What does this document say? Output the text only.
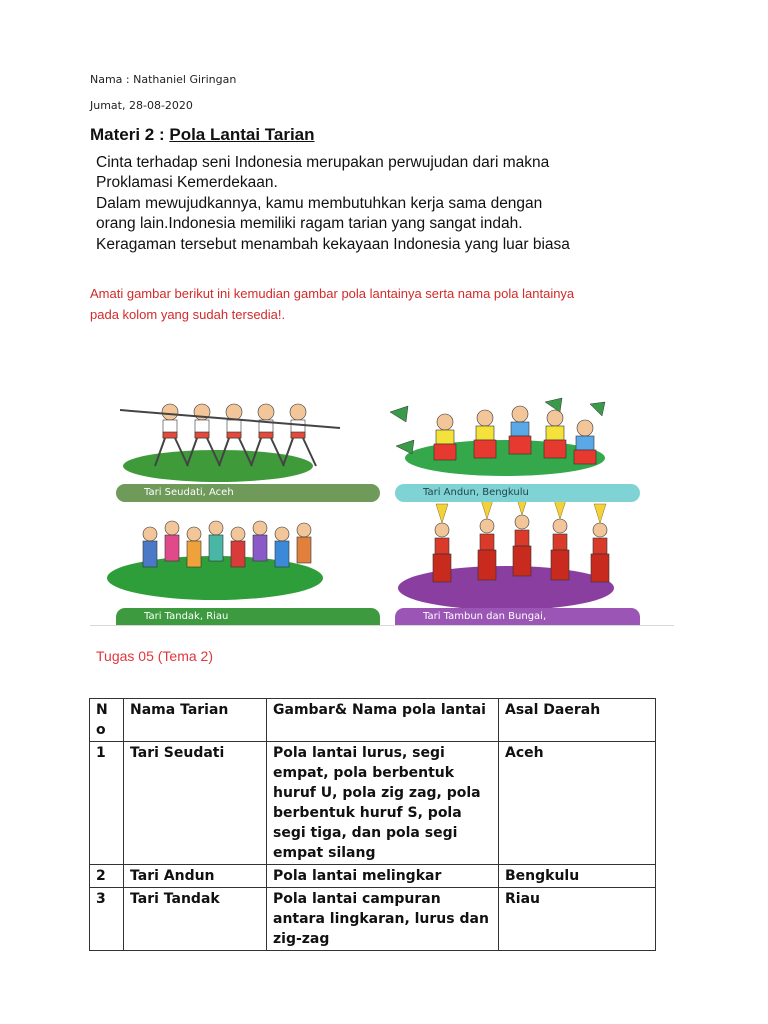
Nama : Nathaniel Giringan
Jumat, 28-08-2020
Materi 2 : Pola Lantai Tarian
Cinta terhadap seni Indonesia merupakan perwujudan dari makna
Proklamasi Kemerdekaan.
Dalam mewujudkannya, kamu membutuhkan kerja sama dengan
orang lain.Indonesia memiliki ragam tarian yang sangat indah.
Keragaman tersebut menambah kekayaan Indonesia yang luar biasa
Amati gambar berikut ini kemudian gambar pola lantainya serta nama pola lantainya
pada kolom yang sudah tersedia!.
Tari Seudati, Aceh	Tari Andun, Bengkulu
Tari Tandak, Riau	Tari Tambun dan Bungai,
Tugas 05 (Tema 2)
No	Nama Tarian	Gambar& Nama pola lantai	Asal Daerah
1	Tari Seudati	Pola lantai lurus, segi empat, pola berbentuk huruf U, pola zig zag, pola berbentuk huruf S, pola segi tiga, dan pola segi empat silang	Aceh
2	Tari Andun	Pola lantai melingkar	Bengkulu
3	Tari Tandak	Pola lantai campuran antara lingkaran, lurus dan zig-zag	Riau
